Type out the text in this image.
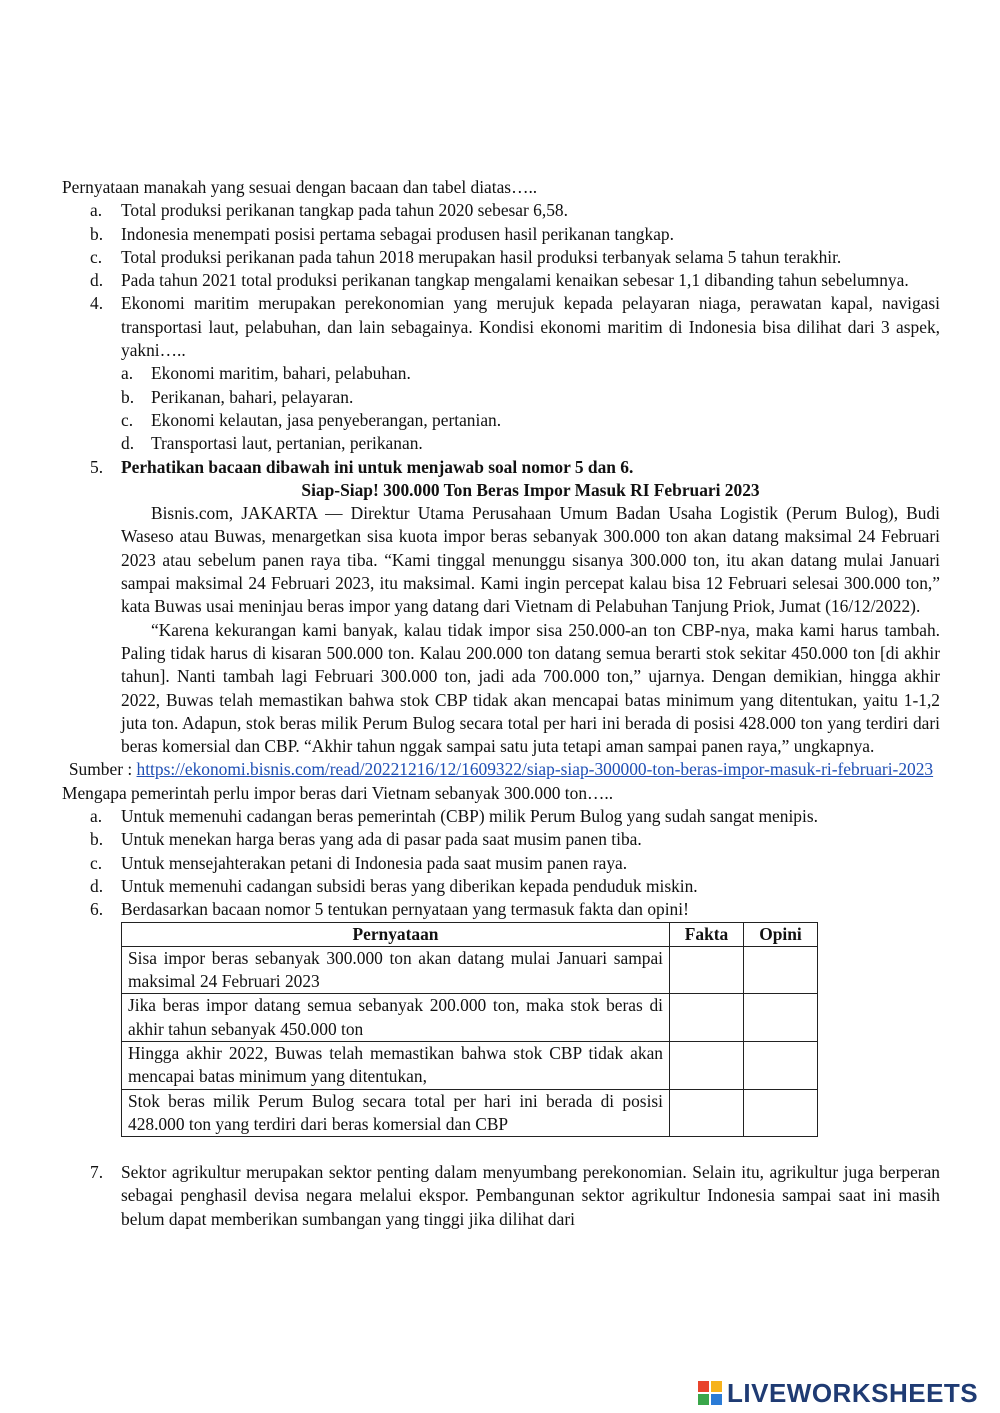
Pernyataan manakah yang sesuai dengan bacaan dan tabel diatas…..

a. Total produksi perikanan tangkap pada tahun 2020 sebesar 6,58.
b. Indonesia menempati posisi pertama sebagai produsen hasil perikanan tangkap.
c. Total produksi perikanan pada tahun 2018 merupakan hasil produksi terbanyak selama 5 tahun terakhir.
d. Pada tahun 2021 total produksi perikanan tangkap mengalami kenaikan sebesar 1,1 dibanding tahun sebelumnya.
4. Ekonomi maritim merupakan perekonomian yang merujuk kepada pelayaran niaga, perawatan kapal, navigasi transportasi laut, pelabuhan, dan lain sebagainya. Kondisi ekonomi maritim di Indonesia bisa dilihat dari 3 aspek, yakni…..
a. Ekonomi maritim, bahari, pelabuhan.
b. Perikanan, bahari, pelayaran.
c. Ekonomi kelautan, jasa penyeberangan, pertanian.
d. Transportasi laut, pertanian, perikanan.
5. Perhatikan bacaan dibawah ini untuk menjawab soal nomor 5 dan 6.

Siap-Siap! 300.000 Ton Beras Impor Masuk RI Februari 2023

Bisnis.com, JAKARTA — Direktur Utama Perusahaan Umum Badan Usaha Logistik (Perum Bulog), Budi Waseso atau Buwas, menargetkan sisa kuota impor beras sebanyak 300.000 ton akan datang maksimal 24 Februari 2023 atau sebelum panen raya tiba. “Kami tinggal menunggu sisanya 300.000 ton, itu akan datang mulai Januari sampai maksimal 24 Februari 2023, itu maksimal. Kami ingin percepat kalau bisa 12 Februari selesai 300.000 ton,” kata Buwas usai meninjau beras impor yang datang dari Vietnam di Pelabuhan Tanjung Priok, Jumat (16/12/2022).

“Karena kekurangan kami banyak, kalau tidak impor sisa 250.000-an ton CBP-nya, maka kami harus tambah. Paling tidak harus di kisaran 500.000 ton. Kalau 200.000 ton datang semua berarti stok sekitar 450.000 ton [di akhir tahun]. Nanti tambah lagi Februari 300.000 ton, jadi ada 700.000 ton,” ujarnya. Dengan demikian, hingga akhir 2022, Buwas telah memastikan bahwa stok CBP tidak akan mencapai batas minimum yang ditentukan, yaitu 1-1,2 juta ton. Adapun, stok beras milik Perum Bulog secara total per hari ini berada di posisi 428.000 ton yang terdiri dari beras komersial dan CBP. “Akhir tahun nggak sampai satu juta tetapi aman sampai panen raya,” ungkapnya.

Sumber : https://ekonomi.bisnis.com/read/20221216/12/1609322/siap-siap-300000-ton-beras-impor-masuk-ri-februari-2023

Mengapa pemerintah perlu impor beras dari Vietnam sebanyak 300.000 ton…..

a. Untuk memenuhi cadangan beras pemerintah (CBP) milik Perum Bulog yang sudah sangat menipis.
b. Untuk menekan harga beras yang ada di pasar pada saat musim panen tiba.
c. Untuk mensejahterakan petani di Indonesia pada saat musim panen raya.
d. Untuk memenuhi cadangan subsidi beras yang diberikan kepada penduduk miskin.
6. Berdasarkan bacaan nomor 5 tentukan pernyataan yang termasuk fakta dan opini!
Pernyataan	Fakta	Opini
Sisa impor beras sebanyak 300.000 ton akan datang mulai Januari sampai maksimal 24 Februari 2023		
Jika beras impor datang semua sebanyak 200.000 ton, maka stok beras di akhir tahun sebanyak 450.000 ton		
Hingga akhir 2022, Buwas telah memastikan bahwa stok CBP tidak akan mencapai batas minimum yang ditentukan,		
Stok beras milik Perum Bulog secara total per hari ini berada di posisi 428.000 ton yang terdiri dari beras komersial dan CBP		
7. Sektor agrikultur merupakan sektor penting dalam menyumbang perekonomian. Selain itu, agrikultur juga berperan sebagai penghasil devisa negara melalui ekspor. Pembangunan sektor agrikultur Indonesia sampai saat ini masih belum dapat memberikan sumbangan yang tinggi jika dilihat dari
LIVEWORKSHEETS
